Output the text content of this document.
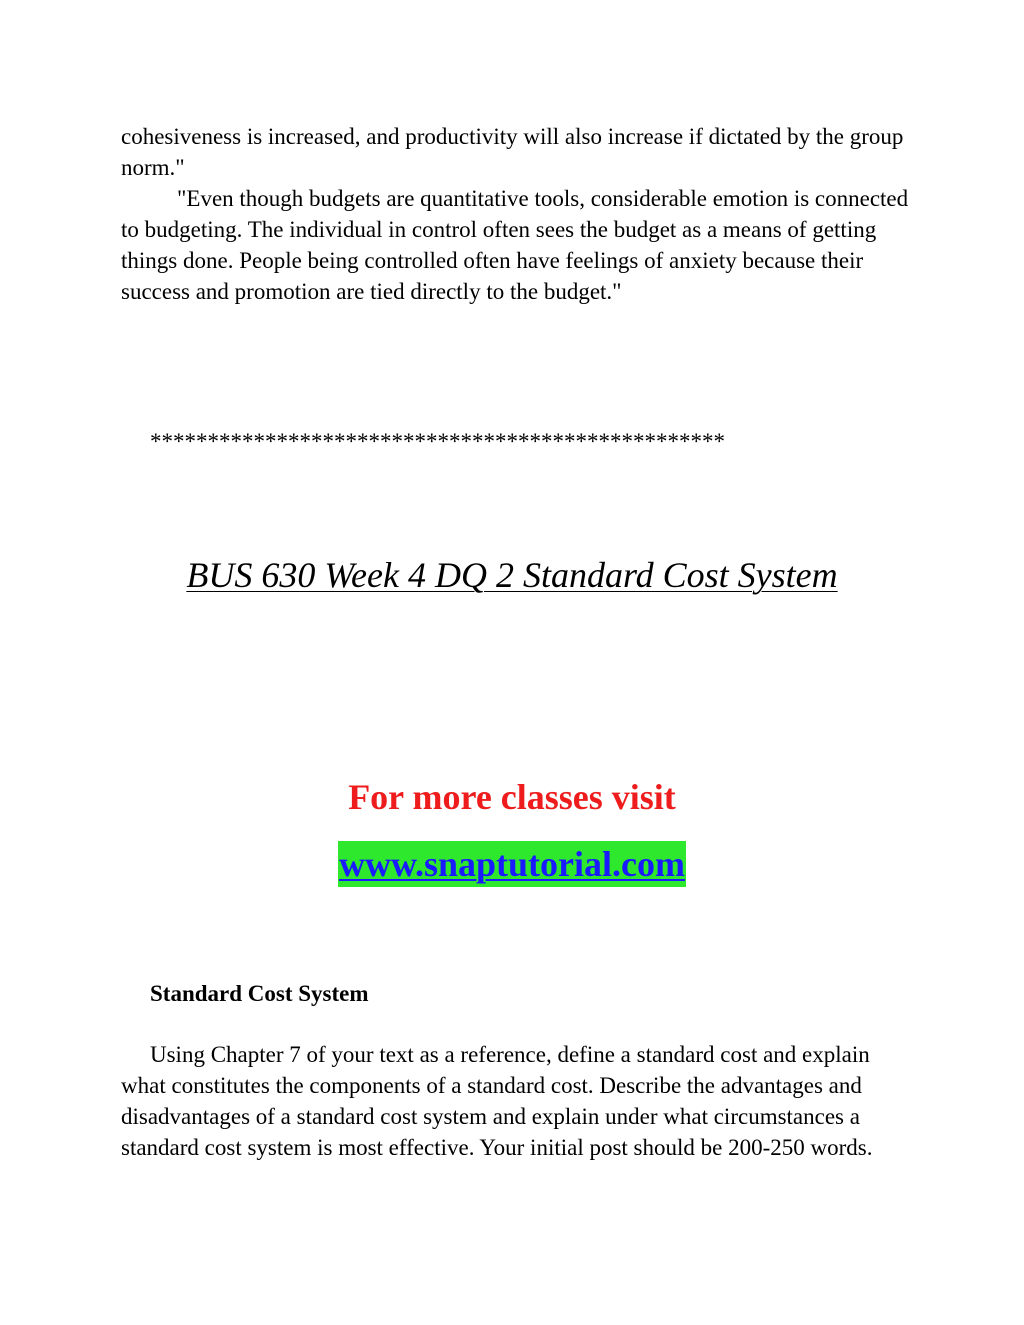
cohesiveness is increased, and productivity will also increase if dictated by the group norm."
"Even though budgets are quantitative tools, considerable emotion is connected to budgeting. The individual in control often sees the budget as a means of getting things done. People being controlled often have feelings of anxiety because their success and promotion are tied directly to the budget."
**************************************************
BUS 630 Week 4 DQ 2 Standard Cost System
For more classes visit
www.snaptutorial.com
Standard Cost System
Using Chapter 7 of your text as a reference, define a standard cost and explain what constitutes the components of a standard cost. Describe the advantages and disadvantages of a standard cost system and explain under what circumstances a standard cost system is most effective. Your initial post should be 200-250 words.
